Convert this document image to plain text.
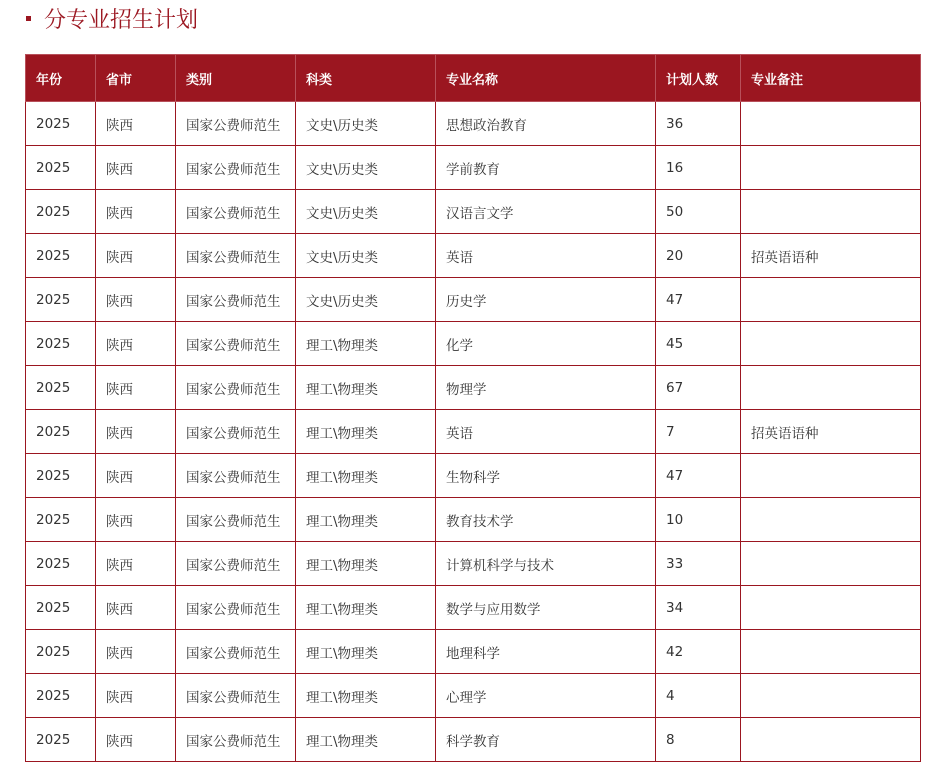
分专业招生计划
年份	省市	类别	科类	专业名称	计划人数	专业备注
2025	陕西	国家公费师范生	文史\历史类	思想政治教育	36	
2025	陕西	国家公费师范生	文史\历史类	学前教育	16	
2025	陕西	国家公费师范生	文史\历史类	汉语言文学	50	
2025	陕西	国家公费师范生	文史\历史类	英语	20	招英语语种
2025	陕西	国家公费师范生	文史\历史类	历史学	47	
2025	陕西	国家公费师范生	理工\物理类	化学	45	
2025	陕西	国家公费师范生	理工\物理类	物理学	67	
2025	陕西	国家公费师范生	理工\物理类	英语	7	招英语语种
2025	陕西	国家公费师范生	理工\物理类	生物科学	47	
2025	陕西	国家公费师范生	理工\物理类	教育技术学	10	
2025	陕西	国家公费师范生	理工\物理类	计算机科学与技术	33	
2025	陕西	国家公费师范生	理工\物理类	数学与应用数学	34	
2025	陕西	国家公费师范生	理工\物理类	地理科学	42	
2025	陕西	国家公费师范生	理工\物理类	心理学	4	
2025	陕西	国家公费师范生	理工\物理类	科学教育	8	
